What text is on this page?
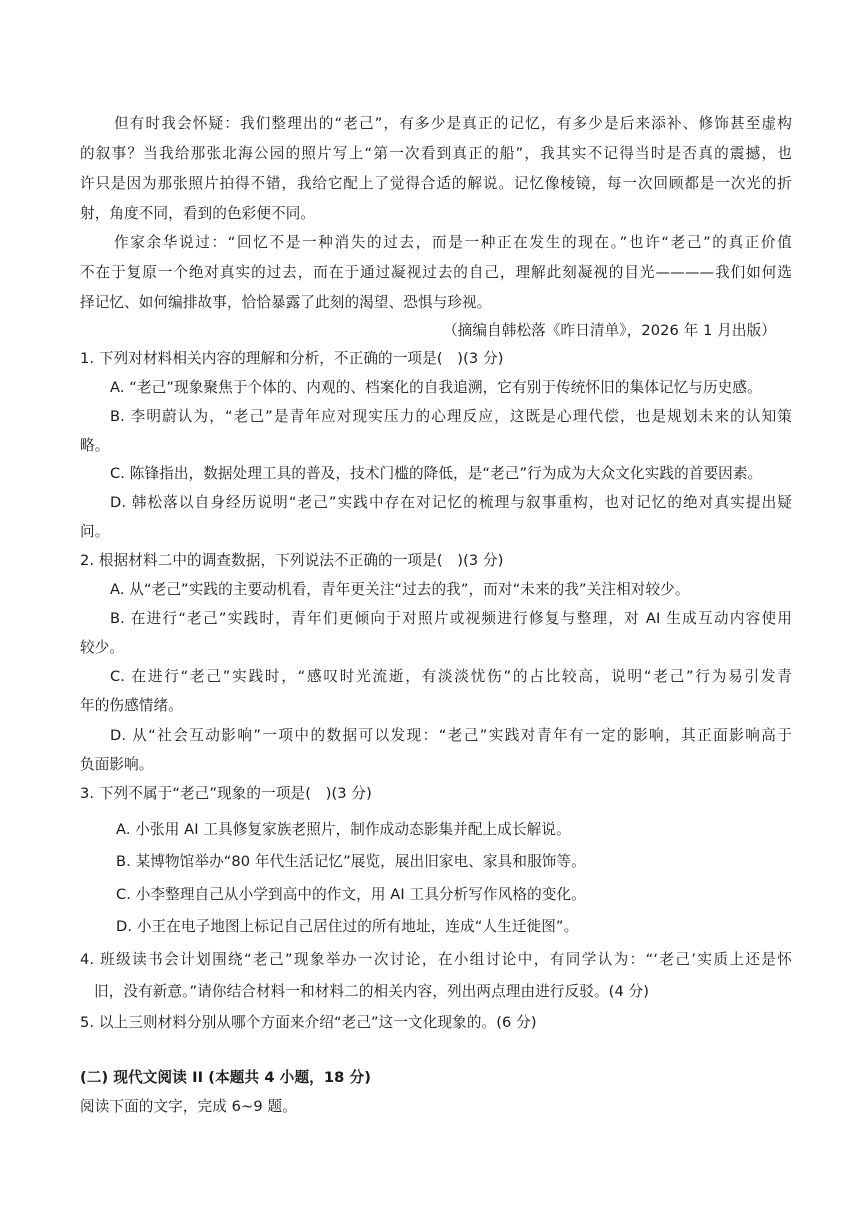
但有时我会怀疑：我们整理出的“老己”，有多少是真正的记忆，有多少是后来添补、修饰甚至虚构
的叙事？当我给那张北海公园的照片写上“第一次看到真正的船”，我其实不记得当时是否真的震撼，也
许只是因为那张照片拍得不错，我给它配上了觉得合适的解说。记忆像棱镜，每一次回顾都是一次光的折
射，角度不同，看到的色彩便不同。
作家余华说过：“回忆不是一种消失的过去，而是一种正在发生的现在。”也许“老己”的真正价值
不在于复原一个绝对真实的过去，而在于通过凝视过去的自己，理解此刻凝视的目光————我们如何选
择记忆、如何编排故事，恰恰暴露了此刻的渴望、恐惧与珍视。
（摘编自韩松落《昨日清单》，2026 年 1 月出版）
1. 下列对材料相关内容的理解和分析，不正确的一项是(　)(3 分)
A. “老己”现象聚焦于个体的、内观的、档案化的自我追溯，它有别于传统怀旧的集体记忆与历史感。
B. 李明蔚认为，“老己”是青年应对现实压力的心理反应，这既是心理代偿，也是规划未来的认知策
略。
C. 陈锋指出，数据处理工具的普及，技术门槛的降低，是“老己”行为成为大众文化实践的首要因素。
D. 韩松落以自身经历说明“老己”实践中存在对记忆的梳理与叙事重构，也对记忆的绝对真实提出疑
问。
2. 根据材料二中的调查数据，下列说法不正确的一项是(　)(3 分)
A. 从“老己”实践的主要动机看，青年更关注“过去的我”，而对“未来的我”关注相对较少。
B. 在进行“老己”实践时，青年们更倾向于对照片或视频进行修复与整理，对 AI 生成互动内容使用
较少。
C. 在进行“老己”实践时，“感叹时光流逝，有淡淡忧伤”的占比较高，说明“老己”行为易引发青
年的伤感情绪。
D. 从“社会互动影响”一项中的数据可以发现：“老己”实践对青年有一定的影响，其正面影响高于
负面影响。
3. 下列不属于“老己”现象的一项是(　)(3 分)
A. 小张用 AI 工具修复家族老照片，制作成动态影集并配上成长解说。
B. 某博物馆举办“80 年代生活记忆”展览，展出旧家电、家具和服饰等。
C. 小李整理自己从小学到高中的作文，用 AI 工具分析写作风格的变化。
D. 小王在电子地图上标记自己居住过的所有地址，连成“人生迁徙图”。
4. 班级读书会计划围绕“老己”现象举办一次讨论，在小组讨论中，有同学认为：“‘老己’实质上还是怀
旧，没有新意。”请你结合材料一和材料二的相关内容，列出两点理由进行反驳。(4 分)
5. 以上三则材料分别从哪个方面来介绍“老己”这一文化现象的。(6 分)
(二) 现代文阅读 II (本题共 4 小题，18 分)
阅读下面的文字，完成 6~9 题。
